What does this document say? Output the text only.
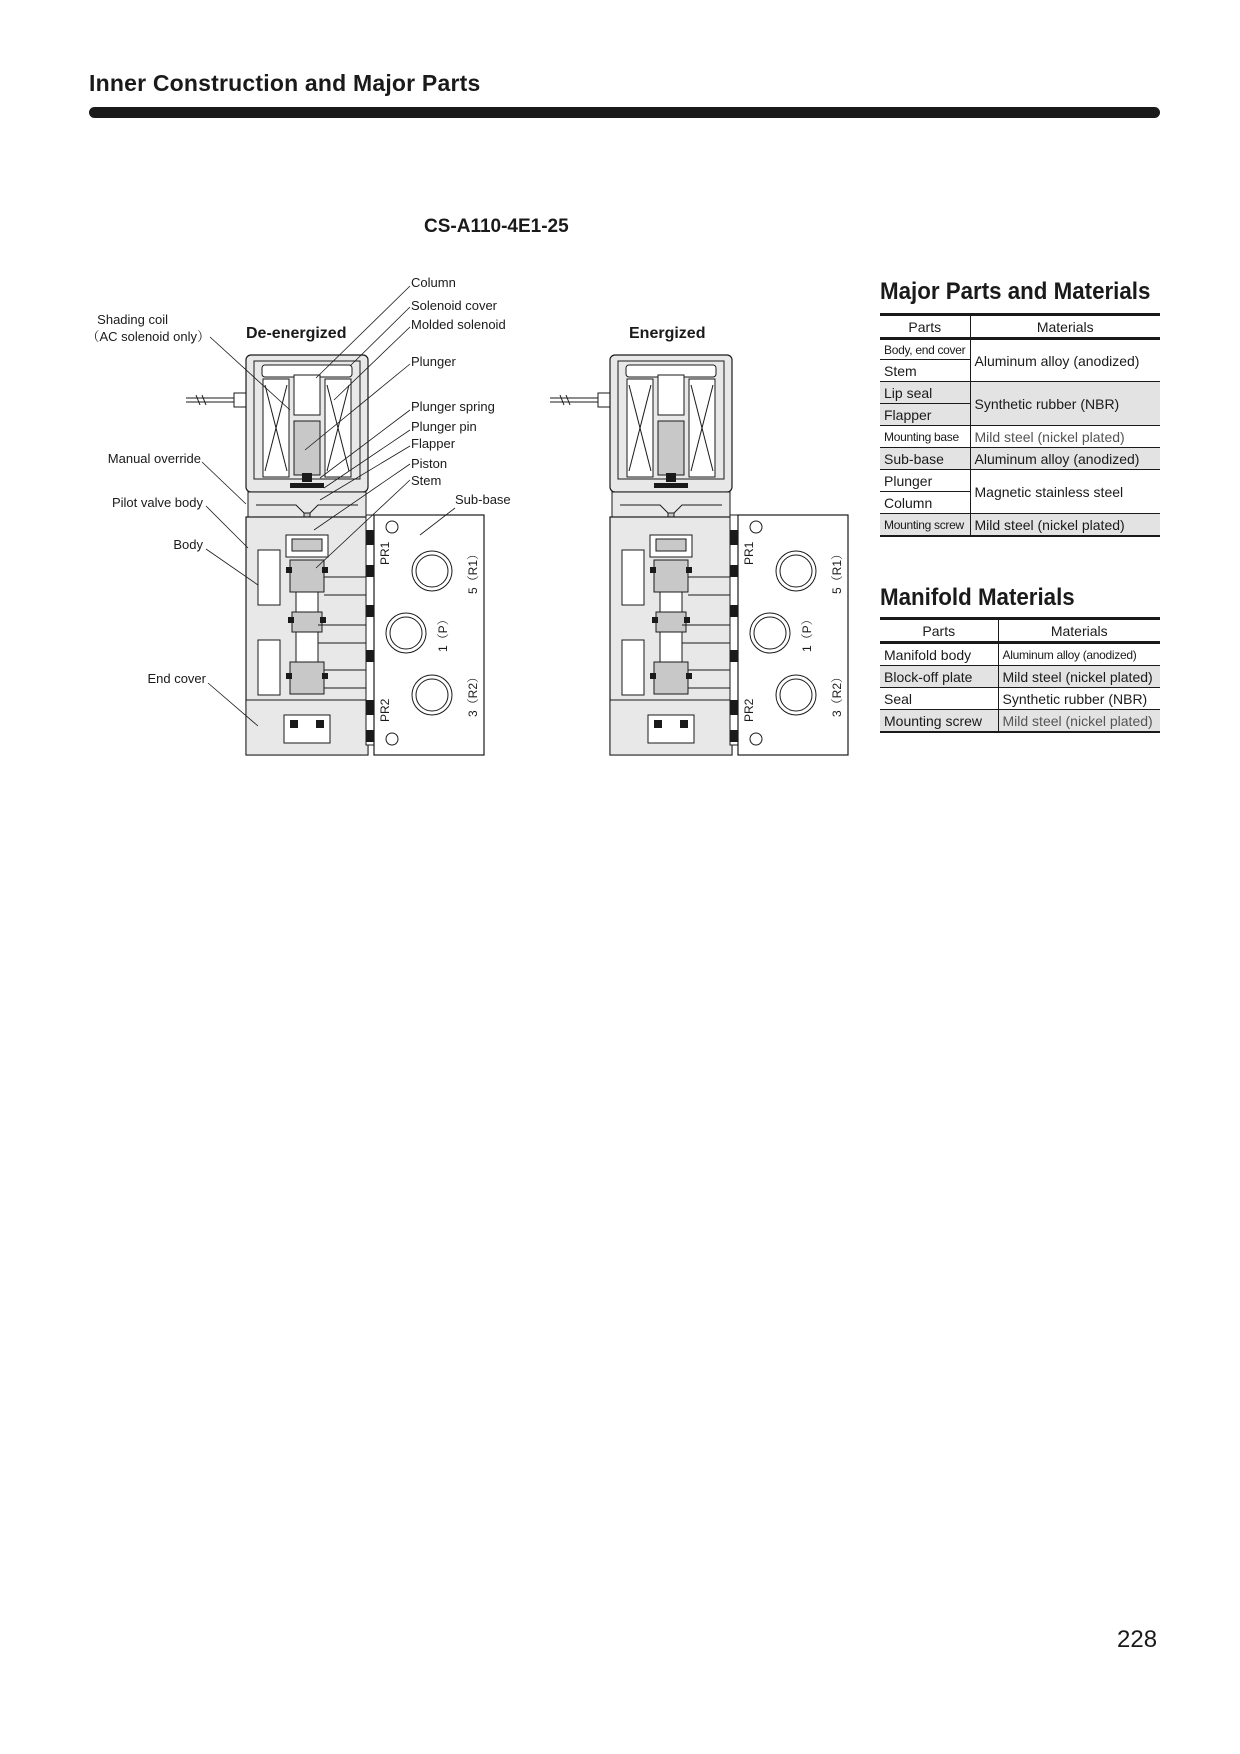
Inner Construction and Major Parts
CS-A110-4E1-25
De-energized	Energized
Column
Solenoid cover
Molded solenoid
Plunger
Plunger spring
Plunger pin
Flapper
Piston
Stem
Sub-base
Shading coil
（AC solenoid only）
Manual override
Pilot valve body
Body
End cover
PR1
PR2
5（R1）
1（P）
3（R2）
PR1
PR2
5（R1）
1（P）
3（R2）
Major Parts and Materials
Parts	Materials
Body, end cover	Aluminum alloy (anodized)
Stem	
Lip seal	Synthetic rubber (NBR)
Flapper	
Mounting base	Mild steel (nickel plated)
Sub-base	Aluminum alloy (anodized)
Plunger	Magnetic stainless steel
Column	
Mounting screw	Mild steel (nickel plated)
Manifold Materials
Parts	Materials
Manifold body	Aluminum alloy (anodized)
Block-off plate	Mild steel (nickel plated)
Seal	Synthetic rubber (NBR)
Mounting screw	Mild steel (nickel plated)
228
